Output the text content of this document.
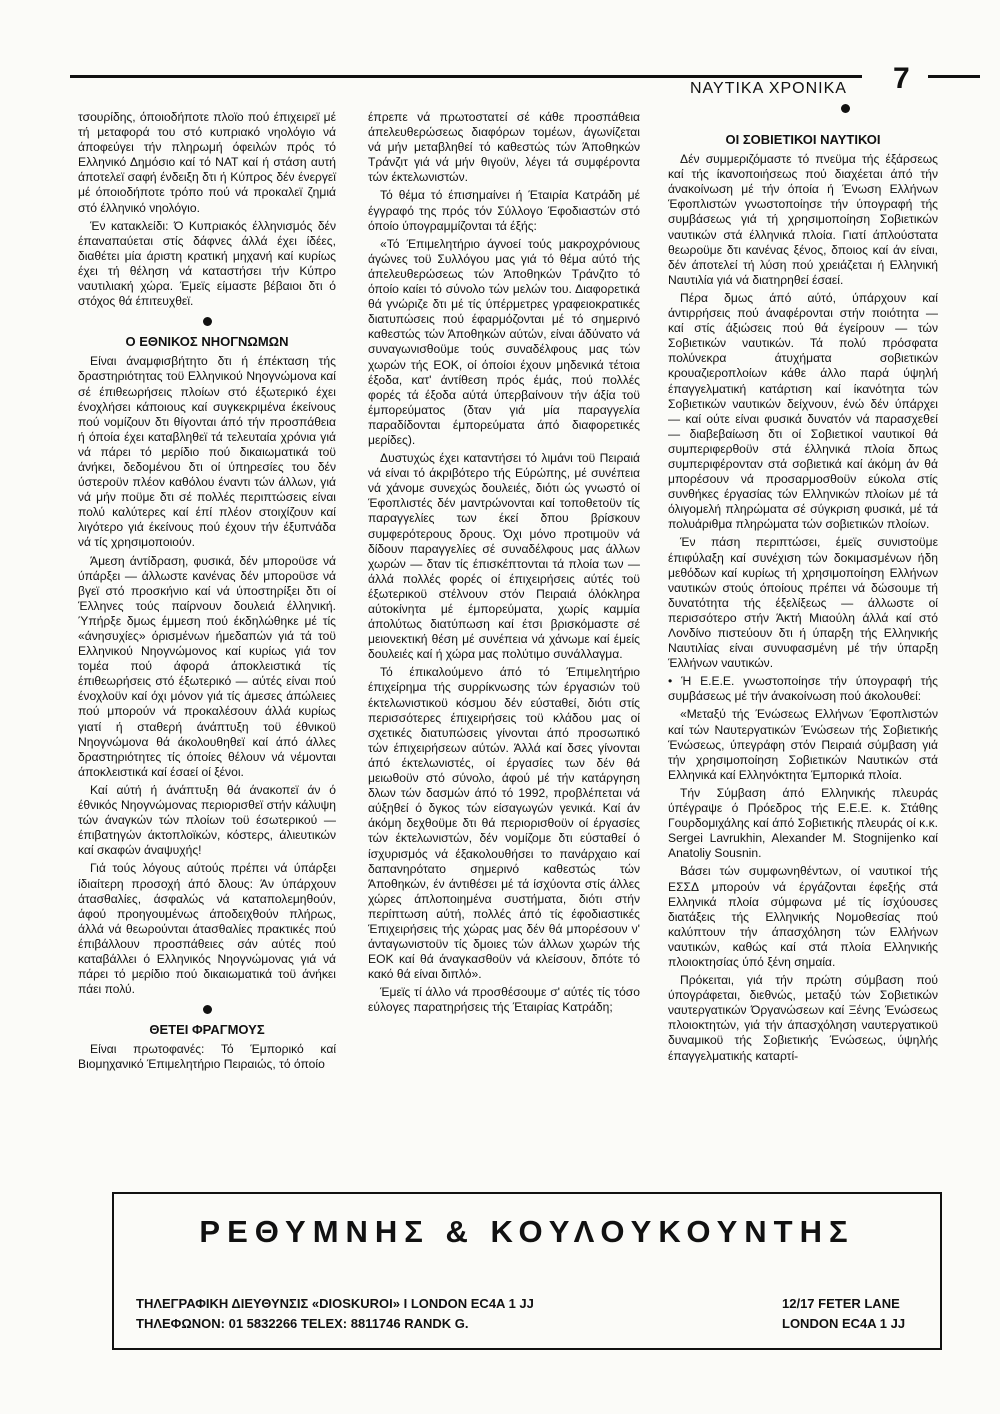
ΝΑΥΤΙΚΑ ΧΡΟΝΙΚΑ 7

τσουρίδης, όποιοδήποτε πλοϊο πού έπιχειρεϊ μέ τή μεταφορά του στό κυπριακό νηολόγιο νά άποφεύγει τήν πληρωμή όφειλών πρός τό Ελληνικό Δημόσιο καί τό NAT καί ή στάση αυτή άποτελεϊ σαφή ένδειξη δτι ή Κύπρος δέν ένεργεϊ μέ όποιοδήποτε τρόπο πού νά προκαλεϊ ζημιά στό έλληνικό νηολόγιο.

Έν κατακλείδι: Ό Κυπριακός έλληνισμός δέν έπαναπαύεται στίς δάφνες άλλά έχει ίδέες, διαθέτει μία άριστη κρατική μηχανή καί κυρίως έχει τή θέληση νά καταστήσει τήν Κύπρο ναυτιλιακή χώρα. Έμεϊς είμαστε βέβαιοι δτι ό στόχος θά έπιτευχθεϊ.

Ο ΕΘΝΙΚΟΣ ΝΗΟΓΝΩΜΩΝ

Είναι άναμφισβήτητο δτι ή έπέκταση τής δραστηριότητας τοϋ Ελληνικού Νηογνώμονα καί σέ έπιθεωρήσεις πλοίων στό έξωτερικό έχει ένοχλήσει κάποιους καί συγκεκριμένα έκείνους πού νομίζουν δτι θίγονται άπό τήν προσπάθεια ή όποία έχει καταβληθεϊ τά τελευταία χρόνια γιά νά πάρει τό μερίδιο πού δικαιωματικά τοϋ άνήκει, δεδομένου δτι οί ύπηρεσίες του δέν ύστεροϋν πλέον καθόλου έναντι τών άλλων, γιά νά μήν ποϋμε δτι σέ πολλές περιπτώσεις είναι πολύ καλύτερες καί έπί πλέον στοιχίζουν καί λιγότερο γιά έκείνους πού έχουν τήν έξυπνάδα νά τίς χρησιμοποιούν.

Άμεση άντίδραση, φυσικά, δέν μποροϋσε νά ύπάρξει — άλλωστε κανένας δέν μποροϋσε νά βγεϊ στό προσκήνιο καί νά ύποστηρίξει δτι οί Έλληνες τούς παίρνουν δουλειά έλληνική. Ύπήρξε δμως έμμεση πού έκδηλώθηκε μέ τίς «άνησυχίες» όρισμένων ήμεδαπών γιά τά τοϋ Ελληνικού Νηογνώμονος καί κυρίως γιά τον τομέα πού άφορά άποκλειστικά τίς έπιθεωρήσεις στό έξωτερικό — αύτές είναι πού ένοχλοϋν καί όχι μόνον γιά τίς άμεσες άπώλειες πού μπορούν νά προκαλέσουν άλλά κυρίως γιατί ή σταθερή άνάπτυξη τοϋ έθνικοϋ Νηογνώμονα θά άκολουθηθεϊ καί άπό άλλες δραστηριότητες τίς όποίες θέλουν νά νέμονται άποκλειστικά καί έσαεί οί ξένοι.

Καί αύτή ή άνάπτυξη θά άνακοπεϊ άν ό έθνικός Νηογνώμονας περιορισθεϊ στήν κάλυψη τών άναγκών τών πλοίων τοϋ έσωτερικού — έπιβατηγών άκτοπλοϊκών, κόστερς, άλιευτικών καί σκαφών άναψυχής!

Γιά τούς λόγους αύτούς πρέπει νά ύπάρξει ίδιαίτερη προσοχή άπό δλους: Άν ύπάρχουν άτασθαλίες, άσφαλώς νά καταπολεμηθούν, άφού προηγουμένως άποδειχθούν πλήρως, άλλά νά θεωρούνται άτασθαλίες πρακτικές πού έπιβάλλουν προσπάθειες σάν αύτές πού καταβάλλει ό Ελληνικός Νηογνώμονας γιά νά πάρει τό μερίδιο πού δικαιωματικά τοϋ άνήκει πάει πολύ.

ΘΕΤΕΙ ΦΡΑΓΜΟΥΣ

Είναι πρωτοφανές: Τό Έμπορικό καί Βιομηχανικό Έπιμελητήριο Πειραιώς, τό όποίο

έπρεπε νά πρωτοστατεί σέ κάθε προσπάθεια άπελευθερώσεως διαφόρων τομέων, άγωνίζεται νά μήν μεταβληθεί τό καθεστώς τών Άποθηκών Τράνζιτ γιά νά μήν θιγοϋν, λέγει τά συμφέροντα τών έκτελωνιστών.

Τό θέμα τό έπισημαίνει ή Έταιρία Κατράδη μέ έγγραφό της πρός τόν Σύλλογο Έφοδιαστών στό όποίο ύπογραμμίζονται τά έξής:

«Τό Έπιμελητήριο άγνοεί τούς μακροχρόνιους άγώνες τοϋ Συλλόγου μας γιά τό θέμα αύτό τής άπελευθερώσεως τών Άποθηκών Τράνζιτο τό όποίο καίει τό σύνολο τών μελών του. Διαφορετικά θά γνώριζε δτι μέ τίς ύπέρμετρες γραφειοκρατικές διατυπώσεις πού έφαρμόζονται μέ τό σημερινό καθεστώς τών Άποθηκών αύτών, είναι άδύνατο νά συναγωνισθοϋμε τούς συναδέλφους μας τών χωρών τής ΕΟΚ, οί όποίοι έχουν μηδενικά τέτοια έξοδα, κατ' άντίθεση πρός έμάς, πού πολλές φορές τά έξοδα αύτά ύπερβαίνουν τήν άξία τοϋ έμπορεύματος (δταν γιά μία παραγγελία παραδίδονται έμπορεύματα άπό διαφορετικές μερίδες).

Δυστυχώς έχει καταντήσει τό λιμάνι τοϋ Πειραιά νά είναι τό άκριβότερο τής Εύρώπης, μέ συνέπεια νά χάνομε συνεχώς δουλειές, διότι ώς γνωστό οί Έφοπλιστές δέν μαντρώνονται καί τοποθετοϋν τίς παραγγελίες των έκεί δπου βρίσκουν συμφερότερους δρους. Όχι μόνο προτιμοϋν νά δίδουν παραγγελίες σέ συναδέλφους μας άλλων χωρών — δταν τίς έπισκέπτονται τά πλοία των — άλλά πολλές φορές οί έπιχειρήσεις αύτές τοϋ έξωτερικοϋ στέλνουν στόν Πειραιά όλόκληρα αύτοκίνητα μέ έμπορεύματα, χωρίς καμμία άπολύτως διατύπωση καί έτσι βρισκόμαστε σέ μειονεκτική θέση μέ συνέπεια νά χάνωμε καί έμείς δουλειές καί ή χώρα μας πολύτιμο συνάλλαγμα.

Τό έπικαλούμενο άπό τό Έπιμελητήριο έπιχείρημα τής συρρίκνωσης τών έργασιών τοϋ έκτελωνιστικοϋ κόσμου δέν εύσταθεί, διότι στίς περισσότερες έπιχειρήσεις τοϋ κλάδου μας οί σχετικές διατυπώσεις γίνονται άπό προσωπικό τών έπιχειρήσεων αύτών. Άλλά καί δσες γίνονται άπό έκτελωνιστές, οί έργασίες των δέν θά μειωθοϋν στό σύνολο, άφού μέ τήν κατάργηση δλων τών δασμών άπό τό 1992, προβλέπεται νά αύξηθεί ό δγκος τών είσαγωγών γενικά. Καί άν άκόμη δεχθοϋμε δτι θά περιορισθοϋν οί έργασίες τών έκτελωνιστών, δέν νομίζομε δτι εύσταθεί ό ίσχυρισμός νά έξακολουθήσει το πανάρχαιο καί δαπανηρότατο σημερινό καθεστώς τών Άποθηκών, έν άντιθέσει μέ τά ίσχύοντα στίς άλλες χώρες άπλοποιημένα συστήματα, διότι στήν περίπτωση αύτή, πολλές άπό τίς έφοδιαστικές Έπιχειρήσεις τής χώρας μας δέν θά μπορέσουν ν' άνταγωνιστοϋν τίς δμοιες τών άλλων χωρών τής ΕΟΚ καί θά άναγκασθοϋν νά κλείσουν, δπότε τό κακό θά είναι διπλό».

Έμεϊς τί άλλο νά προσθέσουμε σ' αύτές τίς τόσο εύλογες παρατηρήσεις τής Έταιρίας Κατράδη;

ΟΙ ΣΟΒΙΕΤΙΚΟΙ ΝΑΥΤΙΚΟΙ

Δέν συμμεριζόμαστε τό πνεϋμα τής έξάρσεως καί τής ίκανοποιήσεως πού διαχέεται άπό τήν άνακοίνωση μέ τήν όποία ή Ένωση Ελλήνων Έφοπλιστών γνωστοποίησε τήν ύπογραφή τής συμβάσεως γιά τή χρησιμοποίηση Σοβιετικών ναυτικών στά έλληνικά πλοία. Γιατί άπλούστατα θεωροϋμε δτι κανένας ξένος, δποιος καί άν είναι, δέν άποτελεί τή λύση πού χρειάζεται ή Ελληνική Ναυτιλία γιά νά διατηρηθεί έσαεί.

Πέρα δμως άπό αύτό, ύπάρχουν καί άντιρρήσεις πού άναφέρονται στήν ποιότητα — καί στίς άξιώσεις πού θά έγείρουν — τών Σοβιετικών ναυτικών. Τά πολύ πρόσφατα πολύνεκρα άτυχήματα σοβιετικών κρουαζιεροπλοίων κάθε άλλο παρά ύψηλή έπαγγελματική κατάρτιση καί ίκανότητα τών Σοβιετικών ναυτικών δείχνουν, ένώ δέν ύπάρχει — καί ούτε είναι φυσικά δυνατόν νά παρασχεθεί — διαβεβαίωση δτι οί Σοβιετικοί ναυτικοί θά συμπεριφερθοϋν στά έλληνικά πλοία δπως συμπεριφέρονταν στά σοβιετικά καί άκόμη άν θά μπορέσουν νά προσαρμοσθοϋν εύκολα στίς συνθήκες έργασίας τών Ελληνικών πλοίων μέ τά όλιγομελή πληρώματα σέ σύγκριση φυσικά, μέ τά πολυάριθμα πληρώματα τών σοβιετικών πλοίων.

Έν πάση περιπτώσει, έμεϊς συνιστοϋμε έπιφύλαξη καί συνέχιση τών δοκιμασμένων ήδη μεθόδων καί κυρίως τή χρησιμοποίηση Ελλήνων ναυτικών στούς όποίους πρέπει νά δώσουμε τή δυνατότητα τής έξελίξεως — άλλωστε οί περισσότερο στήν Άκτή Μιαούλη άλλά καί στό Λονδίνο πιστεύουν δτι ή ύπαρξη τής Ελληνικής Ναυτιλίας είναι συνυφασμένη μέ τήν ύπαρξη Έλλήνων ναυτικών.

• Ή Ε.Ε.Ε. γνωστοποίησε τήν ύπογραφή τής συμβάσεως μέ τήν άνακοίνωση πού άκολουθεί:

«Μεταξύ τής Ένώσεως Ελλήνων Έφοπλιστών καί τών Ναυτεργατικών Ένώσεων τής Σοβιετικής Ένώσεως, ύπεγράφη στόν Πειραιά σύμβαση γιά τήν χρησιμοποίηση Σοβιετικών Ναυτικών στά Ελληνικά καί Ελληνόκτητα Έμπορικά πλοία.

Τήν Σύμβαση άπό Ελληνικής πλευράς ύπέγραψε ό Πρόεδρος τής Ε.Ε.Ε. κ. Στάθης Γουρδομιχάλης καί άπό Σοβιετικής πλευράς οί κ.κ. Sergei Lavrukhin, Alexander M. Stognijenko καί Anatoliy Sousnin.

Βάσει τών συμφωνηθέντων, οί ναυτικοί τής ΕΣΣΔ μπορούν νά έργάζονται έφεξής στά Ελληνικά πλοία σύμφωνα μέ τίς ίσχύουσες διατάξεις τής Ελληνικής Νομοθεσίας πού καλύπτουν τήν άπασχόληση τών Ελλήνων ναυτικών, καθώς καί στά πλοία Ελληνικής πλοιοκτησίας ύπό ξένη σημαία.

Πρόκειται, γιά τήν πρώτη σύμβαση πού ύπογράφεται, διεθνώς, μεταξύ τών Σοβιετικών ναυτεργατικών Όργανώσεων καί Ξένης Ένώσεως πλοιοκτητών, γιά τήν άπασχόληση ναυτεργατικοϋ δυναμικοϋ τής Σοβιετικής Ένώσεως, ύψηλής έπαγγελματικής καταρτί-

ΡΕΘΥΜΝΗΣ & ΚΟΥΛΟΥΚΟΥΝΤΗΣ
ΤΗΛΕΓΡΑΦΙΚΗ ΔΙΕΥΘΥΝΣΙΣ «DIOSKUROI» I LONDON EC4A 1 JJ
ΤΗΛΕΦΩΝΟΝ: 01 5832266 TELEX: 8811746 RANDK G.
12/17 FETER LANE
LONDON EC4A 1 JJ
